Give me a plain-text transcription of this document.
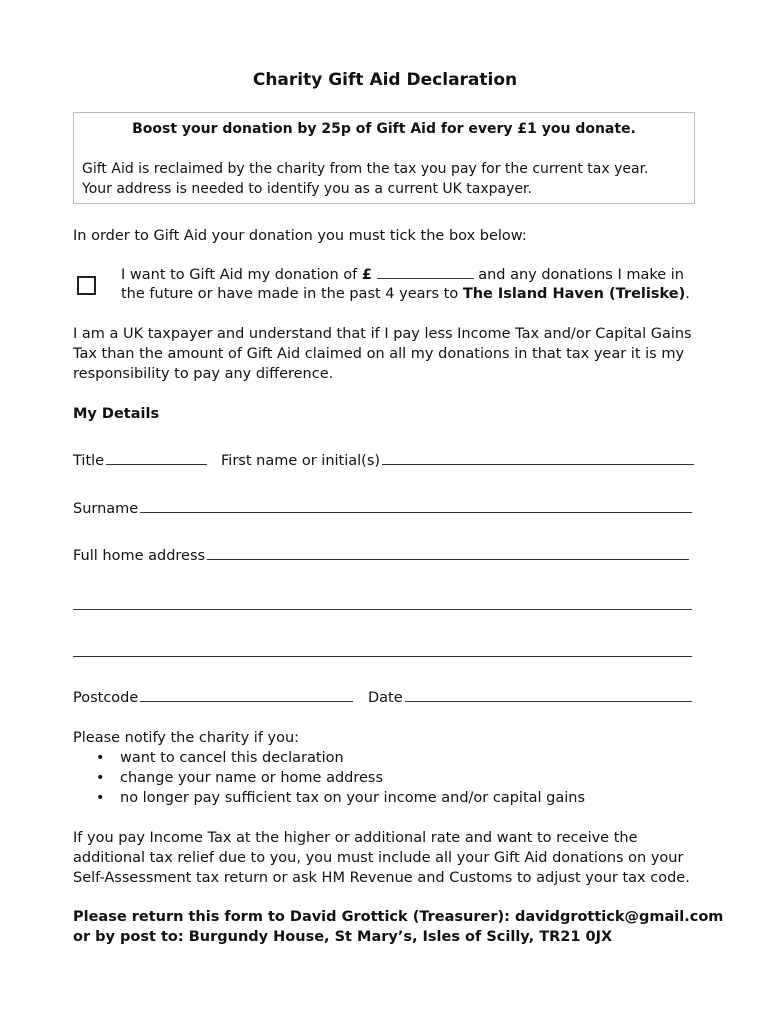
Charity Gift Aid Declaration
Boost your donation by 25p of Gift Aid for every £1 you donate.
Gift Aid is reclaimed by the charity from the tax you pay for the current tax year.
Your address is needed to identify you as a current UK taxpayer.
In order to Gift Aid your donation you must tick the box below:
I want to Gift Aid my donation of £	and any donations I make in
the future or have made in the past 4 years to The Island Haven (Treliske).
I am a UK taxpayer and understand that if I pay less Income Tax and/or Capital Gains
Tax than the amount of Gift Aid claimed on all my donations in that tax year it is my
responsibility to pay any difference.
My Details
Title	First name or initial(s)
Surname
Full home address
Postcode	Date
Please notify the charity if you:
• want to cancel this declaration
• change your name or home address
• no longer pay sufficient tax on your income and/or capital gains
If you pay Income Tax at the higher or additional rate and want to receive the
additional tax relief due to you, you must include all your Gift Aid donations on your
Self-Assessment tax return or ask HM Revenue and Customs to adjust your tax code.
Please return this form to David Grottick (Treasurer): davidgrottick@gmail.com
or by post to: Burgundy House, St Mary’s, Isles of Scilly, TR21 0JX
